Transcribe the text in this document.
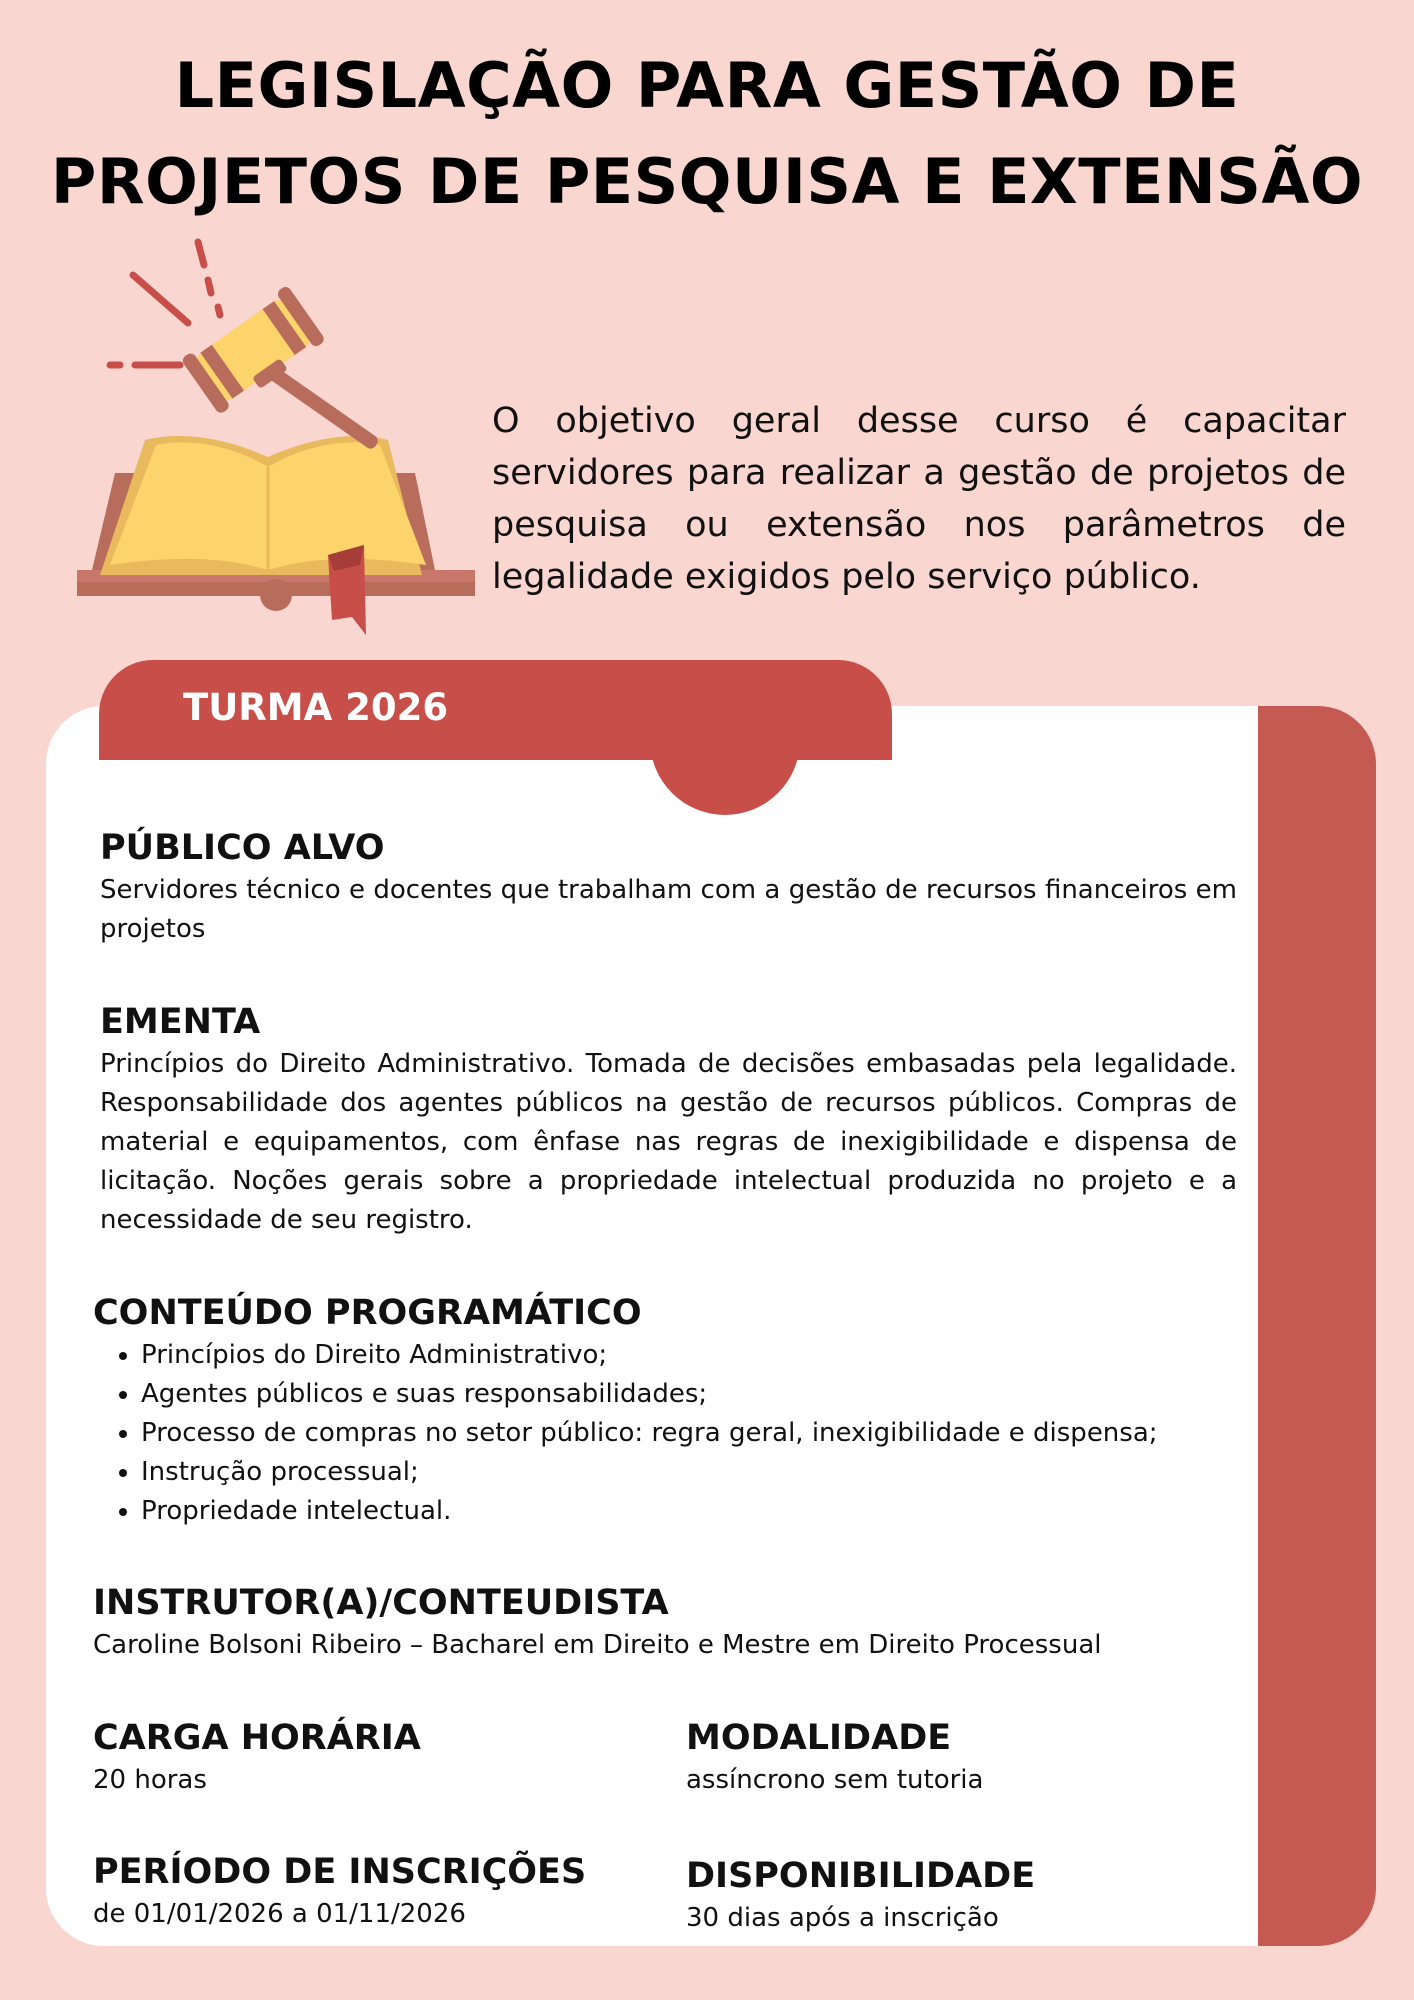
LEGISLAÇÃO PARA GESTÃO DE
PROJETOS DE PESQUISA E EXTENSÃO
O objetivo geral desse curso é capacitar servidores para realizar a gestão de projetos de pesquisa ou extensão nos parâmetros de legalidade exigidos pelo serviço público.
TURMA 2026
PÚBLICO ALVO

Servidores técnico e docentes que trabalham com a gestão de recursos financeiros em projetos

EMENTA

Princípios do Direito Administrativo. Tomada de decisões embasadas pela legalidade. Responsabilidade dos agentes públicos na gestão de recursos públicos. Compras de material e equipamentos, com ênfase nas regras de inexigibilidade e dispensa de licitação. Noções gerais sobre a propriedade intelectual produzida no projeto e a necessidade de seu registro.

CONTEÚDO PROGRAMÁTICO
• Princípios do Direito Administrativo;
• Agentes públicos e suas responsabilidades;
• Processo de compras no setor público: regra geral, inexigibilidade e dispensa;
• Instrução processual;
• Propriedade intelectual.
INSTRUTOR(A)/CONTEUDISTA

Caroline Bolsoni Ribeiro – Bacharel em Direito e Mestre em Direito Processual

CARGA HORÁRIA

20 horas

MODALIDADE

assíncrono sem tutoria

PERÍODO DE INSCRIÇÕES

de 01/01/2026 a 01/11/2026

DISPONIBILIDADE

30 dias após a inscrição
